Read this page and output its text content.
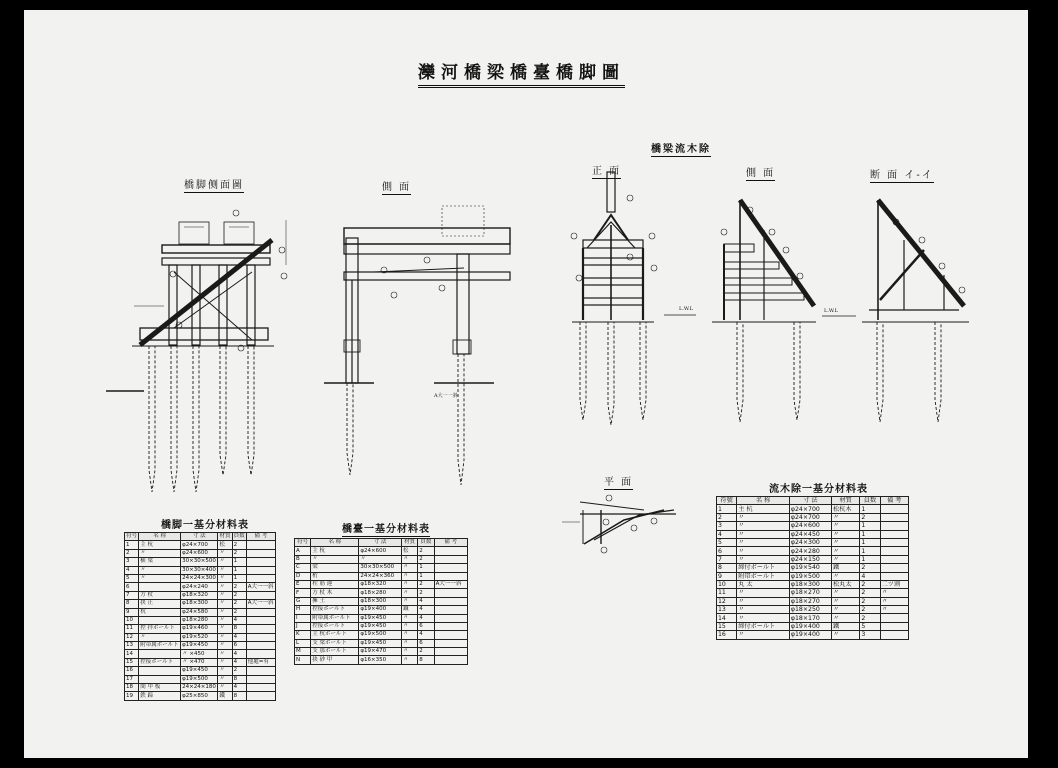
灤河橋梁橋臺橋脚圖
橋脚侧面圖	側 面
橋梁流木除
正 面	側 面	断 面 イ-イ
平 面
L.W.L	L.W.L
A大一一斜
橋脚一基分材料表
符号	名 称	寸 法	材質	員数	備 考
1	主 杭	φ24×700	松	2	
2	〃	φ24×600	〃	2	
3	横 梁	30×30×500	〃	1	
4	〃	30×30×400	〃	1	
5	〃	24×24×300	〃	1	
6		φ24×240	〃	2	A大一一斜
7	方 杖	φ18×320	〃	2	
8	抉 止	φ18×300	〃	2	A大一一斜
9	杭	φ24×580	〃	2	
10		φ18×280	〃	4	
11	控 拝ボールト	φ19×460	〃	8	
12	〃	φ19×520	〃	4	
13	附帯属ボールト	φ19×450	〃	6	
14		〃 ×450	〃	4	
15	控接ボールト	〃 ×470	〃	4	他處=有
16		φ19×450	〃	2	
17		φ19×500	〃	8	
18	間 甲 板	24×24×180	〃	4	
19	鉄 蹄	φ25×850	鐵	8	
橋臺一基分材料表
符号	名 称	寸 法	材質	員数	備 考
A	主 杭	φ24×600	松	2	
B	〃	〃	〃	2	
C	梁	30×30×500	〃	1	
D	桁	24×24×360	〃	1	
E	柱 筋 違	φ18×320	〃	2	A大一一斜
F	方 杖 木	φ18×280	〃	2	
G	擁 土	φ18×300	〃	4	
H	控接ボールト	φ19×400	鐵	4	
I	附帯属ボールト	φ19×450	〃	4	
J	控接ボールト	φ19×450	〃	6	
K	主 杭ボールト	φ19×500	〃	4	
L	支 梁ボールト	φ19×450	〃	6	
M	支 那ボールト	φ19×470	〃	2	
N	抉 砂 甲	φ16×350	〃	8	
流木除一基分材料表
符號	名 称	寸 法	材質	員数	備 考
1	主 杭	φ24×700	松杭木	1	
2	〃	φ24×700	〃	2	
3	〃	φ24×600	〃	1	
4	〃	φ24×450	〃	1	
5	〃	φ24×300	〃	1	
6	〃	φ24×280	〃	1	
7	〃	φ24×150	〃	1	
8	締付ボールト	φ19×540	鐵	2	
9	附帯ボールト	φ19×500	〃	4	
10	丸 太	φ18×300	松丸太	2	二ツ割
11	〃	φ18×270	〃	2	〃
12	〃	φ18×270	〃	2	〃
13	〃	φ18×250	〃	2	〃
14	〃	φ18×170	〃	2	
15	締付ボールト	φ19×400	鐵	5	
16	〃	φ19×400	〃	3	
